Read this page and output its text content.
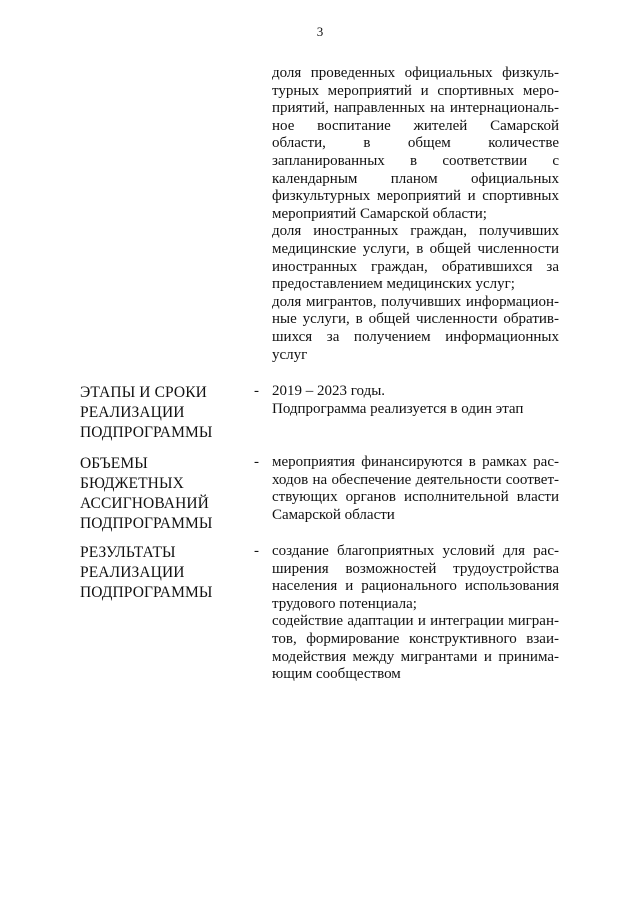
3

доля проведенных официальных физкультурных мероприятий и спортивных мероприятий, направленных на интернациональное воспитание жителей Самарской области, в общем количестве запланированных в соответствии с календарным планом официальных физкультурных мероприятий и спортивных мероприятий Самарской области;

доля иностранных граждан, получивших медицинские услуги, в общей численности иностранных граждан, обратившихся за предоставлением медицинских услуг;

доля мигрантов, получивших информационные услуги, в общей численности обратившихся за получением информационных услуг

ЭТАПЫ И СРОКИ РЕАЛИЗАЦИИ ПОДПРОГРАММЫ
- 2019 – 2023 годы.

Подпрограмма реализуется в один этап

ОБЪЕМЫ БЮДЖЕТНЫХ АССИГНОВАНИЙ ПОДПРОГРАММЫ
- мероприятия финансируются в рамках расходов на обеспечение деятельности соответствующих органов исполнительной власти Самарской области

РЕЗУЛЬТАТЫ РЕАЛИЗАЦИИ ПОДПРОГРАММЫ
- создание благоприятных условий для расширения возможностей трудоустройства населения и рационального использования трудового потенциала;

содействие адаптации и интеграции мигрантов, формирование конструктивного взаимодействия между мигрантами и принимающим сообществом
